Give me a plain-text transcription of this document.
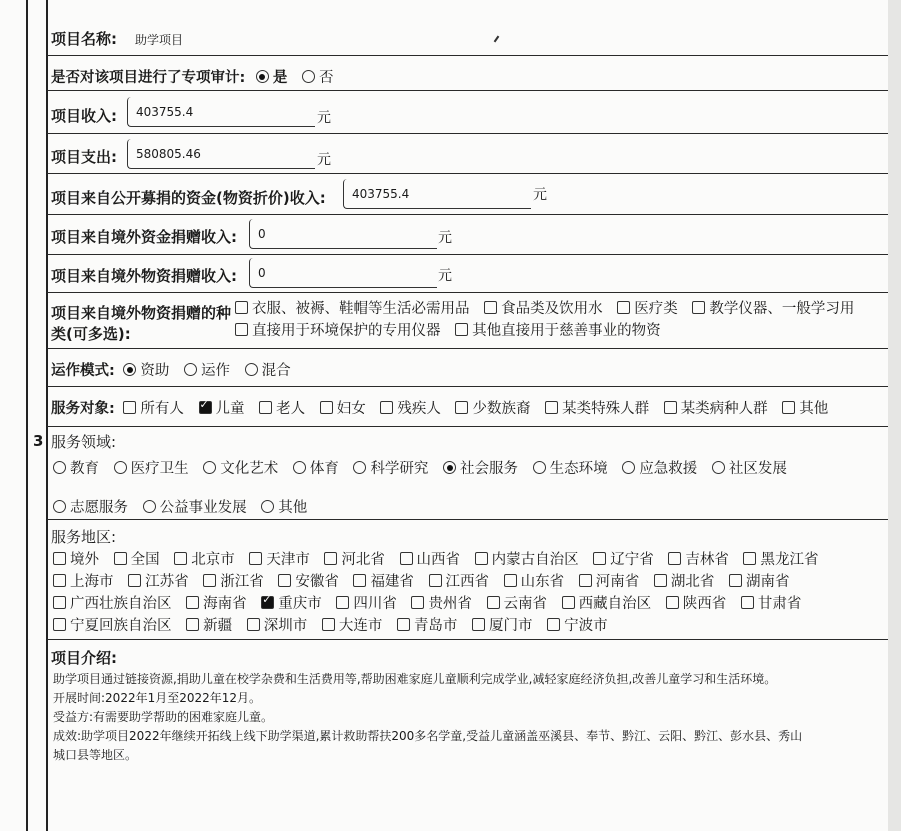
3
项目名称: 助学项目
是否对该项目进行了专项审计: 是 否
项目收入:	403755.4	元
项目支出:	580805.46	元
项目来自公开募捐的资金(物资折价)收入:	403755.4	元
项目来自境外资金捐赠收入:	0	元
项目来自境外物资捐赠收入:	0	元
项目来自境外物资捐赠的种
类(可多选):
衣服、被褥、鞋帽等生活必需用品 食品类及饮用水 医疗类 教学仪器、一般学习用
直接用于环境保护的专用仪器 其他直接用于慈善事业的物资
运作模式: 资助 运作 混合
服务对象: 所有人 ✓ 儿童 老人 妇女 残疾人 少数族裔 某类特殊人群 某类病种人群 其他
服务领域:
教育 医疗卫生 文化艺术 体育 科学研究 社会服务 生态环境 应急救援 社区发展
志愿服务 公益事业发展 其他
服务地区:
境外 全国 北京市 天津市 河北省 山西省 内蒙古自治区 辽宁省 吉林省 黑龙江省
上海市 江苏省 浙江省 安徽省 福建省 江西省 山东省 河南省 湖北省 湖南省
广西壮族自治区 海南省 ✓ 重庆市 四川省 贵州省 云南省 西藏自治区 陕西省 甘肃省
宁夏回族自治区 新疆 深圳市 大连市 青岛市 厦门市 宁波市
项目介绍:

助学项目通过链接资源,捐助儿童在校学杂费和生活费用等,帮助困难家庭儿童顺利完成学业,减轻家庭经济负担,改善儿童学习和生活环境。

开展时间:2022年1月至2022年12月。

受益方:有需要助学帮助的困难家庭儿童。

成效:助学项目2022年继续开拓线上线下助学渠道,累计救助帮扶200多名学童,受益儿童涵盖巫溪县、奉节、黔江、云阳、黔江、彭水县、秀山

城口县等地区。
